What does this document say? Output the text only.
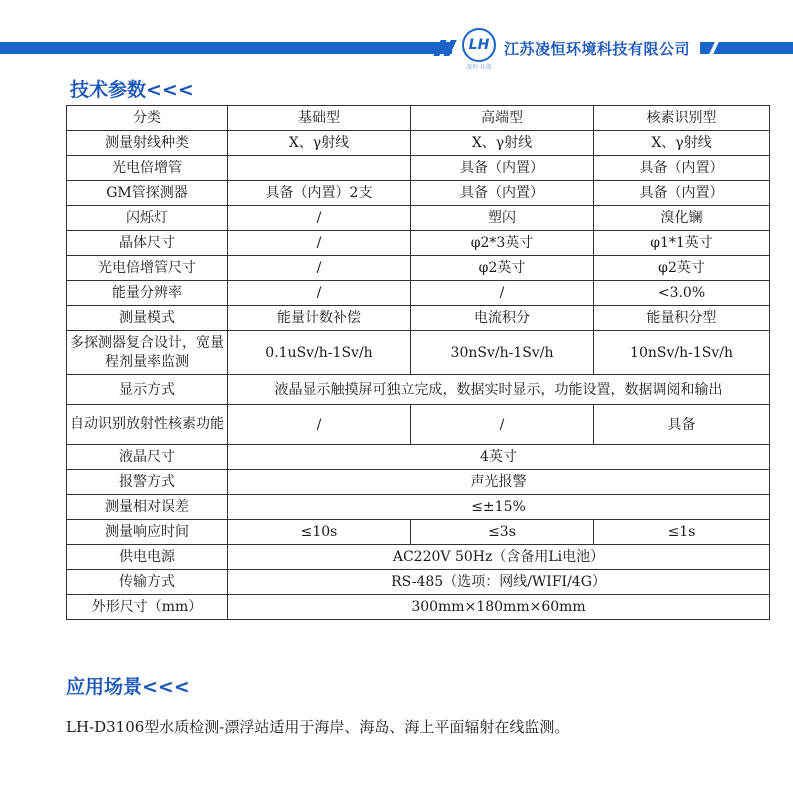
LH
凌恒·环保
江苏凌恒环境科技有限公司
技术参数<<<
分类	基础型	高端型	核素识别型
测量射线种类	X、γ射线	X、γ射线	X、γ射线
光电倍增管		具备（内置）	具备（内置）
GM管探测器	具备（内置）2支	具备（内置）	具备（内置）
闪烁灯	/	塑闪	溴化镧
晶体尺寸	/	φ2*3英寸	φ1*1英寸
光电倍增管尺寸	/	φ2英寸	φ2英寸
能量分辨率	/	/	<3.0%
测量模式	能量计数补偿	电流积分	能量积分型
多探测器复合设计，宽量程剂量率监测	0.1uSv/h-1Sv/h	30nSv/h-1Sv/h	10nSv/h-1Sv/h
显示方式	液晶显示触摸屏可独立完成，数据实时显示，功能设置，数据调阅和输出		
自动识别放射性核素功能	/	/	具备
液晶尺寸	4英寸		
报警方式	声光报警		
测量相对误差	≤±15%		
测量响应时间	≤10s	≤3s	≤1s
供电电源	AC220V 50Hz（含备用Li电池）		
传输方式	RS-485（选项：网线/WIFI/4G）		
外形尺寸（mm）	300mm×180mm×60mm		
应用场景<<<
LH-D3106型水质检测-漂浮站适用于海岸、海岛、海上平面辐射在线监测。
